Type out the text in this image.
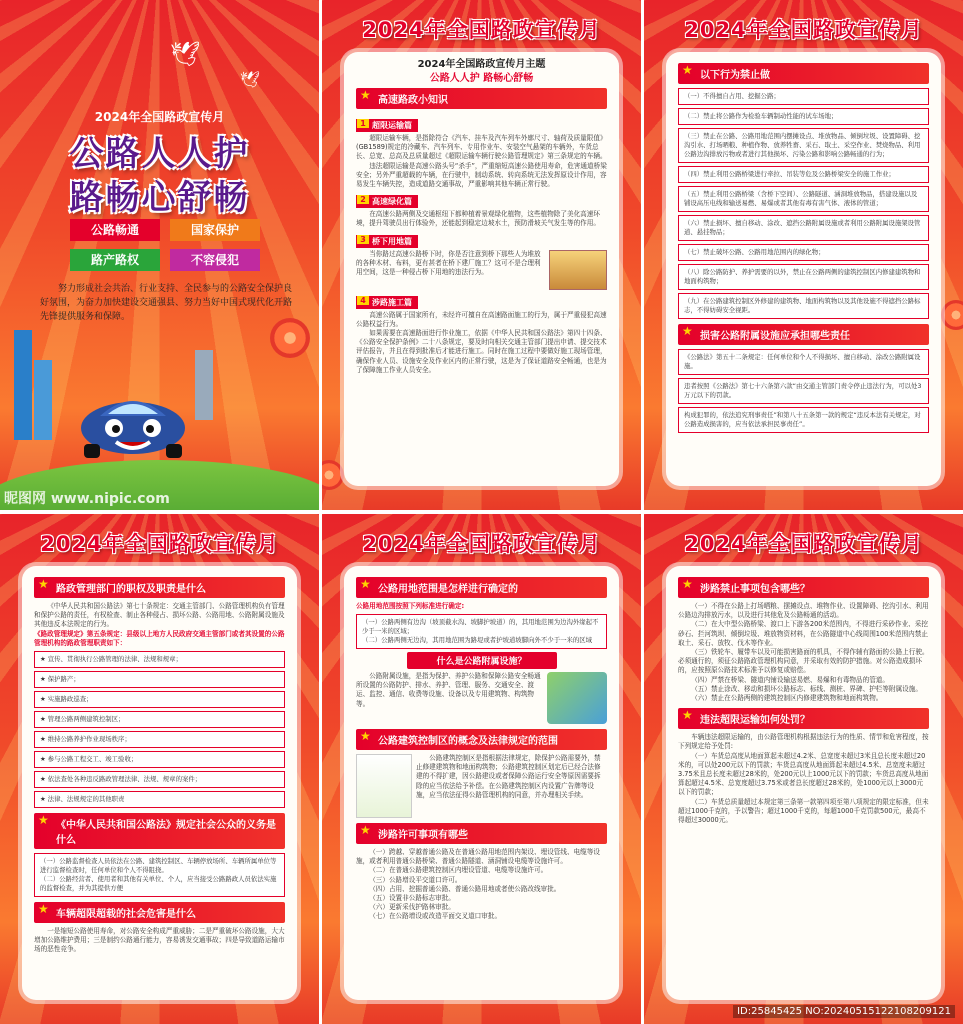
🕊
🕊
2024年全国路政宣传月
公路人人护
路畅心舒畅
公路畅通	国家保护
路产路权	不容侵犯
努力形成社会共治、行业支持、全民参与的公路安全保护良好氛围，为奋力加快建设交通强县、努力当好中国式现代化开路先锋提供服务和保障。
昵图网 www.nipic.com
2024年全国路政宣传月
2024年全国路政宣传月主题
公路人人护 路畅心舒畅
★ 高速路政小知识
1 超限运输篇

超限运输车辆，是指除符合《汽车、挂车及汽车列车外廓尺寸、轴荷及质量限值》(GB1589)规定的冷藏车、汽车列车、专用作业车、安装空气悬架的车辆外，车货总长、总宽、总高及总质量超过《超限运输车辆行驶公路管理规定》第三条规定的车辆。

违法超限运输是高速公路头号“杀手”，严重缩短高速公路使用寿命，危害通道桥梁安全；另外严重超载的车辆，在行驶中，制动系统、转向系统无法发挥原设计作用，容易发生车辆失控，造成道路交通事故，严重影响其他车辆正常行驶。

2 高速绿化篇

在高速公路两侧及交通枢纽下都种植着景观绿化植物，这些植物除了美化高速环境，提升驾驶员出行体验外，还能起到稳定边坡水土，预防滑坡关气发生等的作用。

3 桥下用地篇

当你路过高速公路桥下时，你是否注意到桥下那些人为堆放的各种木材、布料，更有甚者在桥下建厂施工？这可不是合理利用空间，这是一种侵占桥下用地的违法行为。

4 涉路施工篇

高速公路属于国家所有，未经许可擅自在高速路面施工的行为，属于严重侵犯高速公路权益行为。

如果需要在高速路面进行作业施工，依据《中华人民共和国公路法》第四十四条、《公路安全保护条例》二十八条规定，要及时向相关交通主管部门提出申请、提交技术评估报告，并且在得到批准后才能进行施工。同时在施工过程中要做好施工现场管理，确保作业人员、设施安全及作业区内的正常行驶，这是为了保证道路安全畅通，也是为了保障施工作业人员安全。

2024年全国路政宣传月
★ 以下行为禁止做
（一）不得擅自占用、挖掘公路；
（二）禁止将公路作为检验车辆制动性能的试车场地；
（三）禁止在公路、公路用地范围内摆摊设点、堆放物品、倾倒垃圾、设置障碍、挖沟引水、打场晒粮、种植作物、放养牲畜、采石、取土、采空作业、焚烧物品、利用公路边沟排放污物或者进行其他损坏、污染公路和影响公路畅通的行为；
（四）禁止利用公路桥梁进行牵拉、吊装等危及公路桥梁安全的施工作业；
（五）禁止利用公路桥梁（含桥下空间）、公路隧道、涵洞堆放物品，搭建设施以及铺设高压电线和输送易燃、易爆或者其他有毒有害气体、液体的管道；
（六）禁止损坏、擅自移动、涂改、遮挡公路附属设施或者利用公路附属设施架设管道、悬挂物品；
（七）禁止破坏公路、公路用地范围内的绿化物；
（八）除公路防护、养护需要的以外，禁止在公路两侧的建筑控制区内修建建筑物和地面构筑物；
（九）在公路建筑控制区外修建的建筑物、地面构筑物以及其他设施不得遮挡公路标志，不得妨碍安全视距。
★ 损害公路附属设施应承担哪些责任
《公路法》第五十二条规定：任何单位和个人不得损坏、擅自移动、涂改公路附属设施。
违者按照《公路法》第七十六条第六款“由交通主管部门责令停止违法行为，可以处3万元以下的罚款。
构成犯罪的，依法追究刑事责任”和第八十五条第一款的规定“违反本法有关规定，对公路造成损害的，应当依法承担民事责任”。
2024年全国路政宣传月
★ 路政管理部门的职权及职责是什么

《中华人民共和国公路法》第七十条规定：交通主管部门、公路管理机构负有管理和保护公路的责任，有权检查、制止各种侵占、损坏公路、公路用地、公路附属设施及其他违反本法规定的行为。

《路政管理规定》第五条规定：县级以上地方人民政府交通主管部门或者其设置的公路管理机构的路政管理职责如下：

★ 宣传、贯彻执行公路管理的法律、法规和规章；
★ 保护路产；
★ 实施路政巡查；
★ 管理公路两侧建筑控制区；
★ 维持公路养护作业现场秩序；
★ 参与公路工程交工、竣工验收；
★ 依法查处各种违反路政管理法律、法规、规章的案件；
★ 法律、法规规定的其他职责
★ 《中华人民共和国公路法》规定社会公众的义务是什么

（一）公路监督检查人员依法在公路、建筑控制区、车辆停放场所、车辆所属单位等进行监督检查时，任何单位和个人不得阻挠。

（二）公路经营者、使用者和其他有关单位、个人，应当接受公路路政人员依法实施的监督检查，并为其提供方便

★ 车辆超限超载的社会危害是什么

一是缩短公路使用寿命，对公路安全构成严重威胁；二是严重破坏公路设施，大大增加公路维护费用；三是制约公路通行能力，容易诱发交通事故；四是导致道路运输市场的恶性竞争。

2024年全国路政宣传月
★ 公路用地范围是怎样进行确定的

公路用地范围按照下列标准进行确定:

（一）公路两侧有边沟（坡顶截水沟、坡脚护坡道）的，其用地范围为边沟外缘起不少于一米的区域；

（二）公路两侧无边沟，其用地范围为路堤或者护坡道坡脚向外不少于一米的区域

什么是公路附属设施？

公路附属设施，是指为保护、养护公路和保障公路安全畅通所设置的公路防护、排水、养护、管理、服务、交通安全、渡运、监控、通信、收费等设施、设备以及专用建筑物、构筑物等。

★ 公路建筑控制区的概念及法律规定的范围

公路建筑控制区是指根据法律规定，除保护公路需要外，禁止修建建筑物和地面构筑物；公路建筑控制区划定后已经合法修建的不得扩建，因公路建设或者保障公路运行安全等原因需要拆除的应当依法给予补偿。在公路建筑控制区内设置广告牌等设施，应当依法征得公路管理机构的同意，并办理相关手续。

★ 涉路许可事项有哪些

（一）跨越、穿越普通公路及在普通公路用地范围内架设、埋设管线、电缆等设施，或者利用普通公路桥梁、普通公路隧道、涵洞铺设电缆等设施许可。

（二）在普通公路建筑控制区内埋设管道、电缆等设施许可。

（三）公路增设平交道口许可。

（四）占用、挖掘普通公路、普通公路用地或者使公路改线审批。

（五）设置非公路标志审批。

（六）更新采伐护路林审批。

（七）在公路增设或改造平面交叉道口审批。

2024年全国路政宣传月
★ 涉路禁止事项包含哪些？

（一）不得在公路上打场晒粮、摆摊设点、堆物作业、设置障碍、挖沟引水、利用公路边沟排放污水，以及进行其他危及公路畅通的活动。

（二）在大中型公路桥梁、渡口上下游各200米范围内，不得进行采砂作业、采挖砂石、拦河筑坝、倾倒垃圾、堆放物资材料，在公路隧道中心线周围100米范围内禁止取土、采石、放牧、伐木等作业。

（三）铁轮车、履带车以及可能损害路面的机具，不得作辅有路面的公路上行驶。必须通行的，须征公路路政管理机构同意，并采取有效的防护措施。对公路造成损坏的，应按照原公路技术标准予以修复或赔偿。

（四）严禁在桥梁、隧道内铺设输送易燃、易爆和有毒物品的管道。

（五）禁止涂改、移动和损坏公路标志、标线、测桩、界碑、护栏等附属设施。

（六）禁止在公路两侧的建筑控制区内修建建筑物和地面构筑物。

★ 违法超限运输如何处罚？

车辆违法超限运输的，由公路管理机构根据违法行为的性质、情节和危害程度，按下列规定给予处罚:

（一）车货总高度从地面算起未超过4.2米、总宽度未超过3米且总长度未超过20米的，可以处200元以下的罚款；车货总高度从地面算起未超过4.5米、总宽度未超过3.75米且总长度未超过28米的，处200元以上1000元以下的罚款；车货总高度从地面算起超过4.5米、总宽度超过3.75米或者总长度超过28米的，处1000元以上3000元以下的罚款；

（二）车货总质量超过本规定第三条第一款第四项至第八项规定的限定标准，但未超过1000千克的，予以警告；超过1000千克的，每超1000千克罚款500元，最高不得超过30000元。

ID:25845425 NO:20240515122108209121
